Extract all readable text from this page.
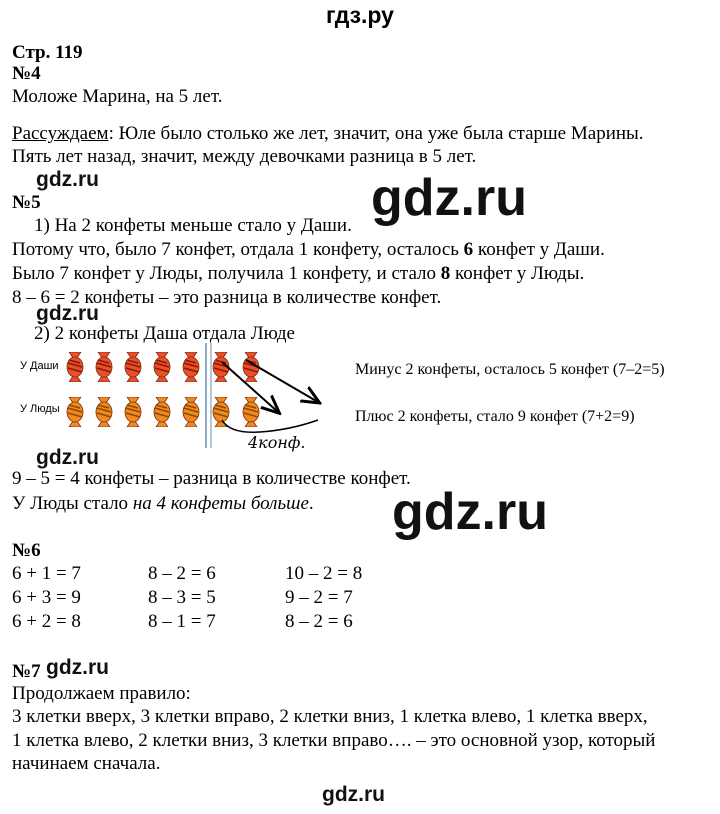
гдз.ру
Стр. 119
№4
Моложе Марина, на 5 лет.
Рассуждаем: Юле было столько же лет, значит, она уже была старше Марины.
Пять лет назад, значит, между девочками разница в 5 лет.
№5
1) На 2 конфеты меньше стало у Даши.
Потому что, было 7 конфет, отдала 1 конфету, осталось 6 конфет у Даши.
Было 7 конфет у Люды, получила 1 конфету, и стало 8 конфет у Люды.
8 – 6 = 2 конфеты – это разница в количестве конфет.
2) 2 конфеты Даша отдала Люде
У Даши
У Люды
4конф.
Минус 2 конфеты, осталось 5 конфет (7–2=5)
Плюс 2 конфеты, стало 9 конфет (7+2=9)
9 – 5 = 4 конфеты – разница в количестве конфет.
У Люды стало на 4 конфеты больше.
№6
6 + 1 = 7
6 + 3 = 9
6 + 2 = 8
8 – 2 = 6
8 – 3 = 5
8 – 1 = 7
10 – 2 = 8
9 – 2 = 7
8 – 2 = 6
№7
Продолжаем правило:
3 клетки вверх, 3 клетки вправо, 2 клетки вниз, 1 клетка влево, 1 клетка вверх,
1 клетка влево, 2 клетки вниз, 3 клетки вправо…. – это основной узор, который
начинаем сначала.
gdz.ru
gdz.ru
gdz.ru
gdz.ru
gdz.ru
gdz.ru
gdz.ru
